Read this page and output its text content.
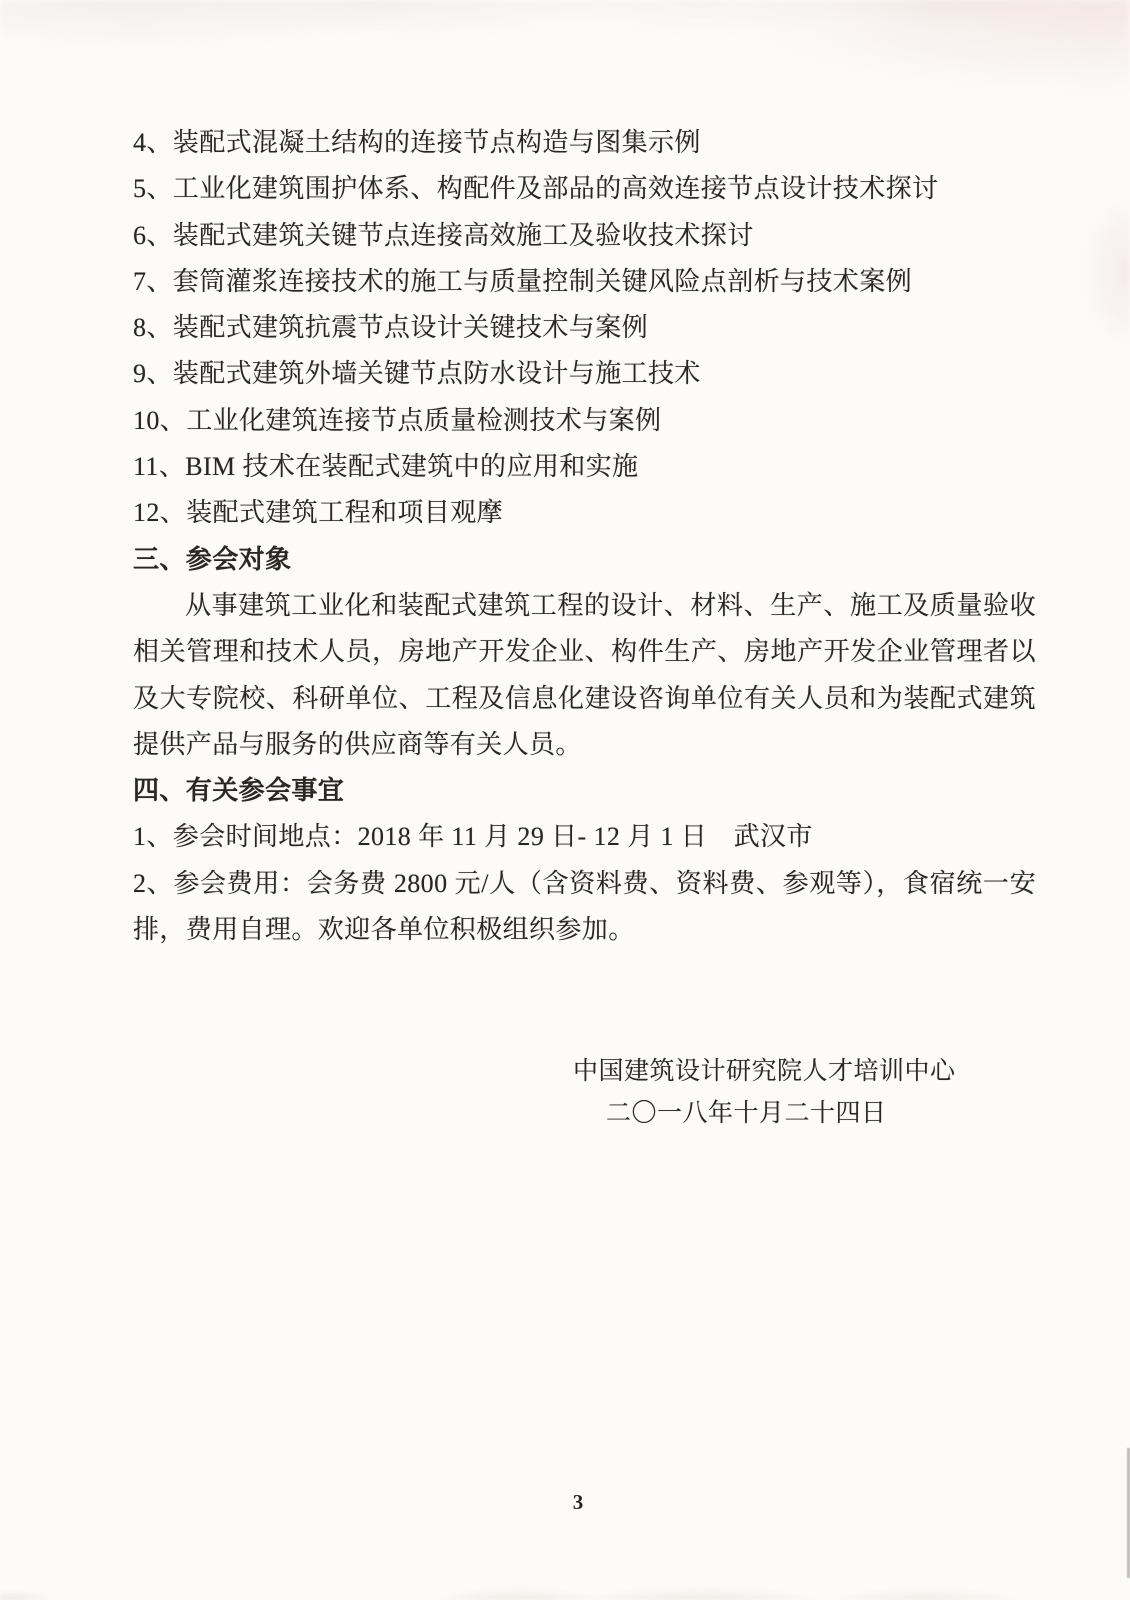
4、装配式混凝土结构的连接节点构造与图集示例
5、工业化建筑围护体系、构配件及部品的高效连接节点设计技术探讨
6、装配式建筑关键节点连接高效施工及验收技术探讨
7、套筒灌浆连接技术的施工与质量控制关键风险点剖析与技术案例
8、装配式建筑抗震节点设计关键技术与案例
9、装配式建筑外墙关键节点防水设计与施工技术
10、工业化建筑连接节点质量检测技术与案例
11、BIM 技术在装配式建筑中的应用和实施
12、装配式建筑工程和项目观摩
三、参会对象
从事建筑工业化和装配式建筑工程的设计、材料、生产、施工及质量验收
相关管理和技术人员，房地产开发企业、构件生产、房地产开发企业管理者以
及大专院校、科研单位、工程及信息化建设咨询单位有关人员和为装配式建筑
提供产品与服务的供应商等有关人员。
四、有关参会事宜
1、参会时间地点：2018 年 11 月 29 日- 12 月 1 日　武汉市
2、参会费用：会务费 2800 元/人（含资料费、资料费、参观等），食宿统一安
排，费用自理。欢迎各单位积极组织参加。
中国建筑设计研究院人才培训中心
二〇一八年十月二十四日
3
